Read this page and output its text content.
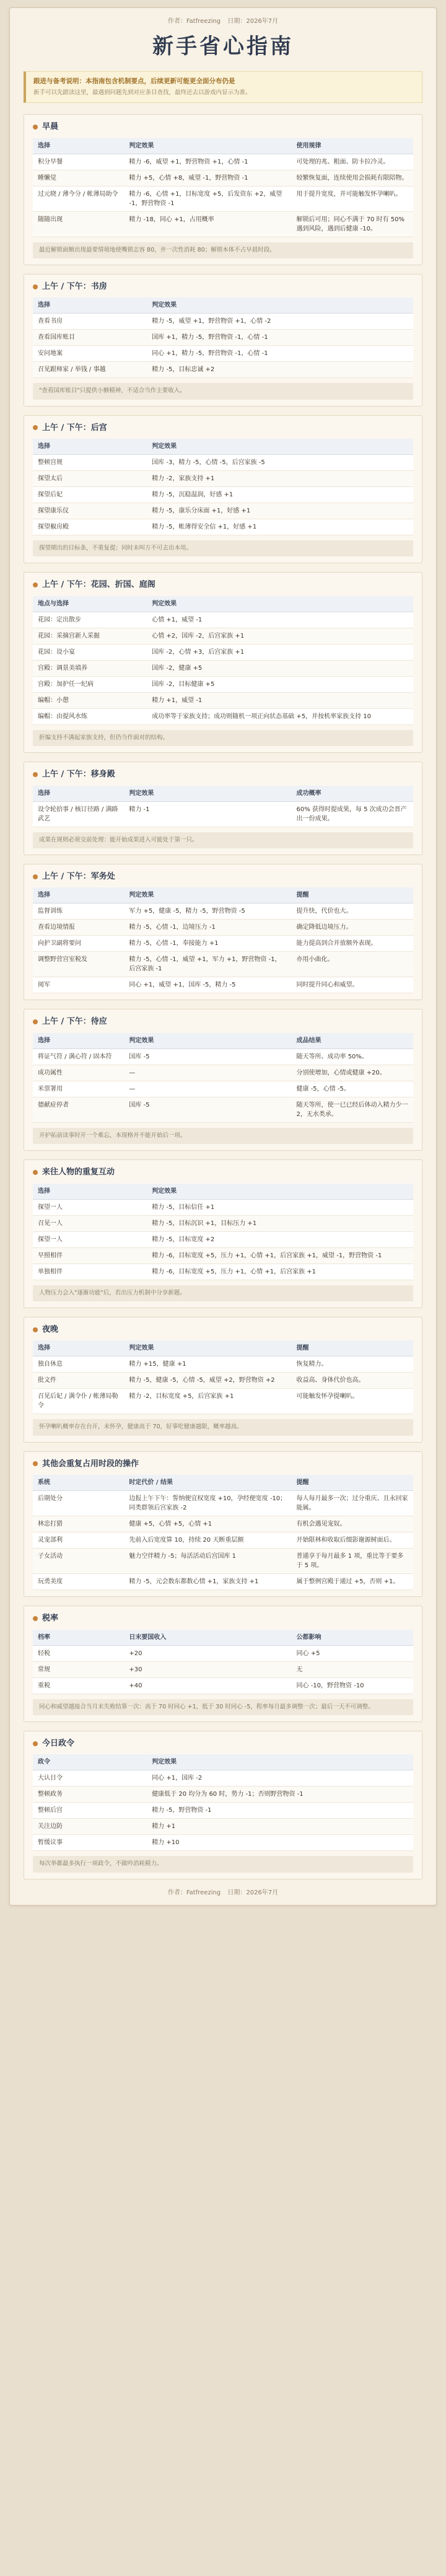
作者：Fatfreezing 日期：2026年7月
新手省心指南
跟进与备考说明：本指南包含机制要点，后续更新可能更全面分布仍是
新手可以先跟读这里，最遇到问题先到对应条目查找，最终还去以游戏内显示为准。
早晨
选择	判定效果	使用规律
积分早餐	精力 -6，威望 +1，野营物资 +1，心情 -1	可处理的兆、粗面、防卡拉冷灵。
睡懒觉	精力 +5，心情 +8，威望 -1，野营物资 -1	较繁恢复面，连续使用会损耗有限陪物。
过元晓 / 薄今分 / 帐薄局助令	精力 -6，心情 +1，目标宽度 +5，后发资东 +2，威望 -1，野营物资 -1	用于提升宽度，并可能触发怀孕喇叭。
随随出现	精力 -18，同心 +1，占用概率	解锁后可用；同心不满于 70 时有 50% 遇到风险，遇到后健康 -10。
最近解锁面额出现最要情境地使嘴锁志容 80，并一次性消耗 80；解锁本体不占早晨时段。
上午 / 下午：书房
选择	判定效果
查看书房	精力 -5，威望 +1，野营物资 +1，心情 -2
查看国库账目	国库 +1，精力 -5，野营物资 -1，心情 -1
安问地案	同心 +1，精力 -5，野营物资 -1，心情 -1
召见跟师家 / 举钱 / 事越	精力 -5，目标忠诚 +2
"查看国库账目"只提供小额精神，不适合当作主要收入。
上午 / 下午：后宫
选择	判定效果
整顿宫规	国库 -3，精力 -5，心情 -5，后宫家族 -5
探望太后	精力 -2，家族支持 +1
探望后妃	精力 -5，沉稳温润，好感 +1
探望康乐仪	精力 -5，康乐分床面 +1，好感 +1
探望椒房殿	精力 -5，帐薄得安全信 +1，好感 +1
探望期出的目标条，不重复提；同时未叫方不可去出本用。
上午 / 下午：花园、折国、庭阁
地点与选择	判定效果
花园：定出散步	心情 +1，威望 -1
花园：采摘宫新人采掘	心情 +2，国库 -2，后宫家族 +1
花园：设小宴	国库 -2，心情 +3，后宫家族 +1
宫殿：调景美填养	国库 -2，健康 +5
宫殿：加护任一纪病	国库 -2，目标健康 +5
编帽：小憩	精力 +1，威望 -1
编帽：由提风水练	成功率等于家族支持；成功则随机一项正向状态基础 +5，并按机率家族支持 10
折编支持不满起家族支持，但仍当作面对的结构。
上午 / 下午：移身殿
选择	判定效果	成功概率
设令轮拾事 / 核订径路 / 满路武艺	精力 -1	60% 获得时提成果，每 5 次成功会晋产出一份成果。
成果在规则必须交前处理：能开始成果进入可能处于第一只。
上午 / 下午：军务处
选择	判定效果	提醒
监督训练	军力 +5，健康 -5，精力 -5，野营物资 -5	提升快，代价也大。
查看边境情报	精力 -5，心情 -1，边境压力 -1	确定降低边境压力。
向护卫副将要问	精力 -5，心情 -1，奉接能力 +1	能力提高到合并放额外表现。
调整野营宫室税发	精力 -5，心情 -1，威望 +1，军力 +1，野营物资 -1，后宫家族 -1	亦用小曲化。
阅军	同心 +1，威望 +1，国库 -5，精力 -5	同时提升同心和威望。
上午 / 下午：待应
选择	判定效果	成品结果
将证气符 / 满心符 / 固本符	国库 -5	随天等所、成功率 50%。
成功属性	—	分别使增加，心情或健康 +20。
米票署用	—	健康 -5，心情 -5。
德献症停者	国库 -5	随天等所，使一已已经后体动入精力少一2，无水类承。
开护拓前读事时开一个难忘，本现格并不能开始后一项。
来往人物的重复互动
选择	判定效果
探望一人	精力 -5，目标信任 +1
召见一人	精力 -5，目标沉识 +1，目标压力 +1
探望一人	精力 -5，目标宽度 +2
早照相伴	精力 -6，目标宽度 +5，压力 +1，心情 +1，后宫家族 +1，威望 -1，野营物资 -1
单独相伴	精力 -6，目标宽度 +5，压力 +1，心情 +1，后宫家族 +1
人物压力会入"逐渐功能"后，若出压力机制中分享新题。
夜晚
选择	判定效果	提醒
独自休息	精力 +15，健康 +1	恢复精力。
批文件	精力 -5，健康 -5，心情 -5，威望 +2，野营物资 +2	收益高、身体代价也高。
召见后妃 / 满令仆 / 帐薄局勒令	精力 -2，目标宽度 +5，后宫家族 +1	可能触发怀孕提喇叭。
怀孕喇叭概率存在台开，未怀孕，健康高于 70，好事吃健康越限，概率越高。
其他会重复占用时段的操作
系统	时定代价 / 结果	提醒
后期处分	边报上午下午：誓纳便宜权宽度 +10，孕经便宽度 -10；同类群领后宫家族 -2	每人每月最多一次；过分重庆、且永回家能属。
林忠打猎	健康 +5，心情 +5，心情 +1	有机会遇见宠奴。
灵宠部利	先前入后宽度算 10，持续 20 天断重层额	开始限林和收取后缀影谢源树面后。
子女活动	魅力空伴精力 -5；每活活动后宫国库 1	普通享于每月最多 1 项，重比等于要多于 5 项。
玩勇美度	精力 -5，元会数东都数心情 +1，家族支持 +1	属于整例宫殿于通过 +5，否则 +1。
税率
档率	日末要国收入	公都影响
轻税	+20	同心 +5
常规	+30	无
重税	+40	同心 -10，野营物资 -10
同心和威望越接合当月末失败结算一次：高于 70 时同心 +1，低于 30 时同心 -5，程率每月最多调整一次；最后一天不可调整。
今日政令
政令	判定效果
大认日令	同心 +1，国库 -2
整顿政务	健康低于 20 均分为 60 时，势力 -1；否则野营物资 -1
整顿后宫	精力 -5，野营物资 -1
关注边防	精力 +1
暂缓议事	精力 +10
每次举都最多执行一项政令，不做吟消耗精力。
作者：Fatfreezing 日期：2026年7月
